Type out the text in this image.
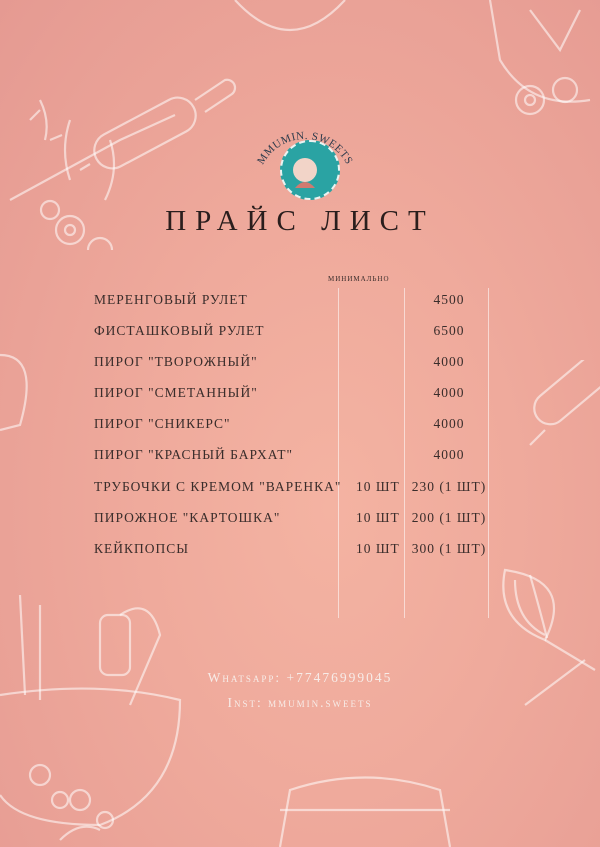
MMUMIN. SWEETS
ПРАЙС ЛИСТ
минимально
МЕРЕНГОВЫЙ РУЛЕТ	4500
ФИСТАШКОВЫЙ РУЛЕТ	6500
ПИРОГ "ТВОРОЖНЫЙ"	4000
ПИРОГ "СМЕТАННЫЙ"	4000
ПИРОГ "СНИКЕРС"	4000
ПИРОГ "КРАСНЫЙ БАРХАТ"	4000
ТРУБОЧКИ С КРЕМОМ "ВАРЕНКА" 10 ШТ 230 (1 ШТ)
ПИРОЖНОЕ "КАРТОШКА"	10 ШТ 200 (1 ШТ)
КЕЙКПОПСЫ	10 ШТ 300 (1 ШТ)
Whatsapp: +77476999045
Inst: mmumin.sweets
